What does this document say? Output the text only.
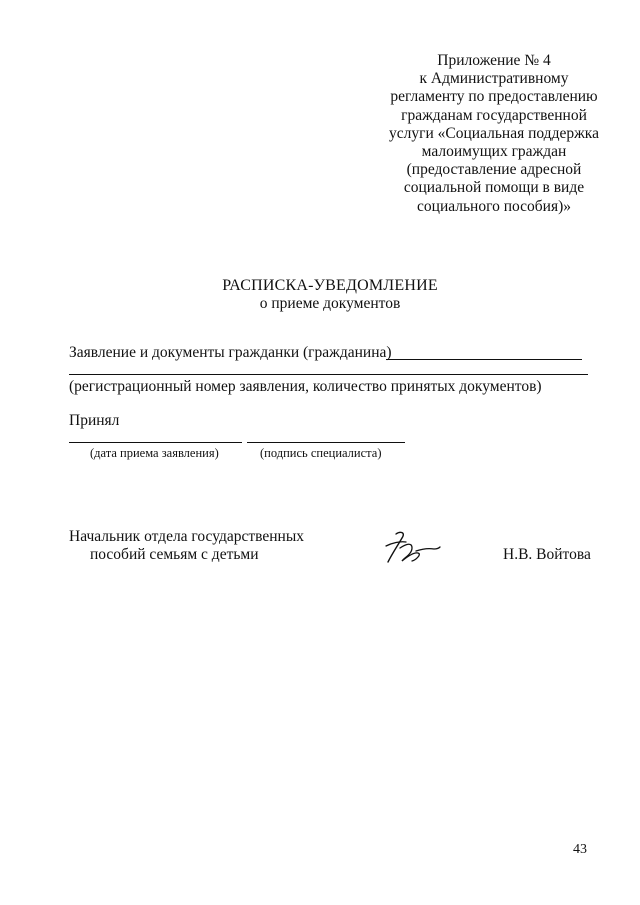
Приложение № 4
к Административному
регламенту по предоставлению
гражданам государственной
услуги «Социальная поддержка
малоимущих граждан
(предоставление адресной
социальной помощи в виде
социального пособия)»
РАСПИСКА-УВЕДОМЛЕНИЕ
о приеме документов
Заявление и документы гражданки (гражданина)
(регистрационный номер заявления, количество принятых документов)
Принял
(дата приема заявления)	(подпись специалиста)
Начальник отдела государственных
пособий семьям с детьми	Н.В. Войтова
43
